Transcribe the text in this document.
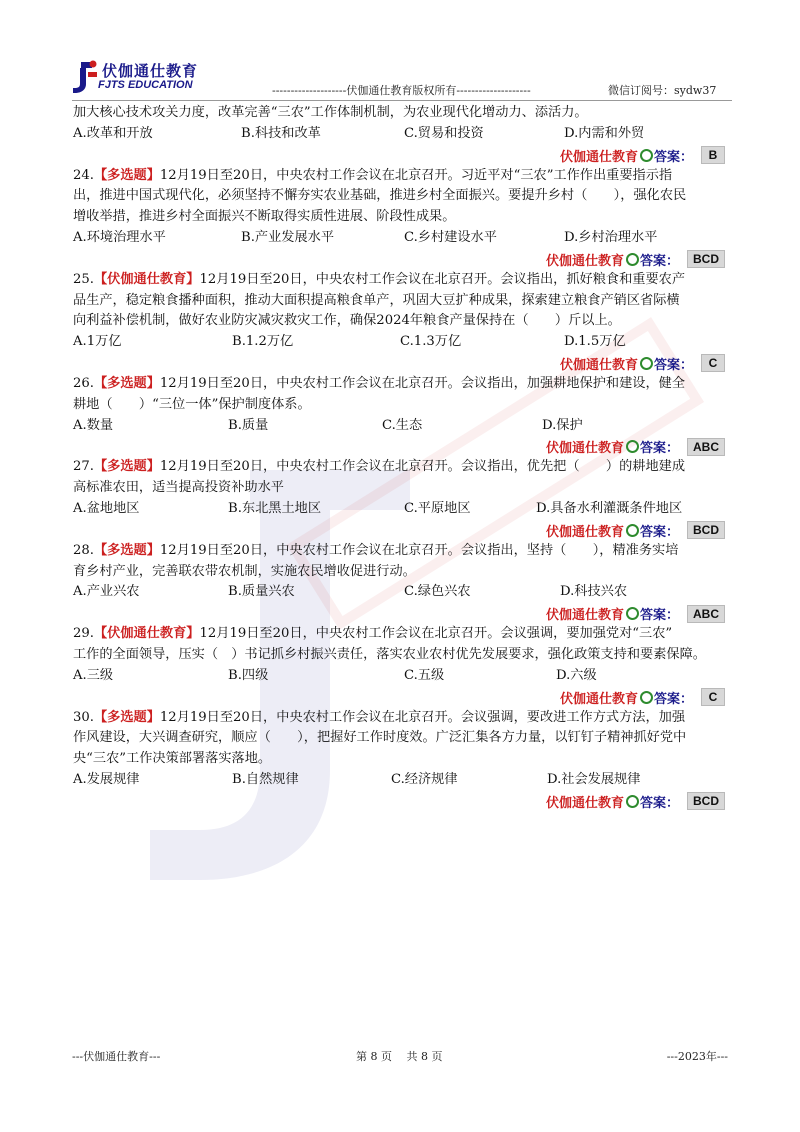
伏伽通仕教育
FJTS EDUCATION	--------------------伏伽通仕教育版权所有--------------------	微信订阅号：sydw37
加大核心技术攻关力度，改革完善“三农”工作体制机制，为农业现代化增动力、添活力。
A.改革和开放	B.科技和改革	C.贸易和投资	D.内需和外贸
伏伽通仕教育 答案：	B
24.【多选题】12月19日至20日，中央农村工作会议在北京召开。习近平对“三农”工作作出重要指示指
出，推进中国式现代化，必须坚持不懈夯实农业基础，推进乡村全面振兴。要提升乡村（　　），强化农民
增收举措，推进乡村全面振兴不断取得实质性进展、阶段性成果。
A.环境治理水平	B.产业发展水平	C.乡村建设水平	D.乡村治理水平
伏伽通仕教育 答案：	BCD
25.【伏伽通仕教育】12月19日至20日，中央农村工作会议在北京召开。会议指出，抓好粮食和重要农产
品生产，稳定粮食播种面积，推动大面积提高粮食单产，巩固大豆扩种成果，探索建立粮食产销区省际横
向利益补偿机制，做好农业防灾减灾救灾工作，确保2024年粮食产量保持在（　　）斤以上。
A.1万亿	B.1.2万亿	C.1.3万亿	D.1.5万亿
伏伽通仕教育 答案：	C
26.【多选题】12月19日至20日，中央农村工作会议在北京召开。会议指出，加强耕地保护和建设，健全
耕地（　　）“三位一体”保护制度体系。
A.数量	B.质量	C.生态	D.保护
伏伽通仕教育 答案：	ABC
27.【多选题】12月19日至20日，中央农村工作会议在北京召开。会议指出，优先把（　　）的耕地建成
高标准农田，适当提高投资补助水平
A.盆地地区	B.东北黑土地区	C.平原地区	D.具备水利灌溉条件地区
伏伽通仕教育 答案：	BCD
28.【多选题】12月19日至20日，中央农村工作会议在北京召开。会议指出，坚持（　　），精准务实培
育乡村产业，完善联农带农机制，实施农民增收促进行动。
A.产业兴农	B.质量兴农	C.绿色兴农	D.科技兴农
伏伽通仕教育 答案：	ABC
29.【伏伽通仕教育】12月19日至20日，中央农村工作会议在北京召开。会议强调，要加强党对“三农”
工作的全面领导，压实（　）书记抓乡村振兴责任，落实农业农村优先发展要求，强化政策支持和要素保障。
A.三级	B.四级	C.五级	D.六级
伏伽通仕教育 答案：	C
30.【多选题】12月19日至20日，中央农村工作会议在北京召开。会议强调，要改进工作方式方法，加强
作风建设，大兴调查研究，顺应（　　），把握好工作时度效。广泛汇集各方力量，以钉钉子精神抓好党中
央“三农”工作决策部署落实落地。
A.发展规律	B.自然规律	C.经济规律	D.社会发展规律
伏伽通仕教育 答案：	BCD
---伏伽通仕教育---	第 8 页　 共 8 页	---2023年---
